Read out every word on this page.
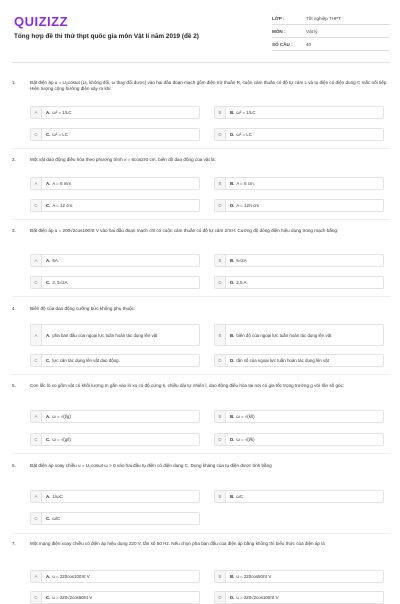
QUIZIZZ
Tổng hợp đề thi thử thpt quốc gia môn Vật lí năm 2019 (đề 2)
LỚP :	Tốt nghiệp THPT
MÔN :	Vật lý
SỐ CÂU :	40
1.	Đặt điện áp u = U₀cosωt (U₀ không đổi, ω thay đổi được) vào hai đầu đoạn mạch gồm điện trở thuần R, cuộn cảm thuần có độ tự cảm L và tụ điện có điện dung C mắc nối tiếp. Hiện tượng cộng hưởng điện xảy ra khi:
A	A. ω² = 1/LC	B	B. ω² = 1/LC
C	C. ω² = LC	D	D. ω² = LC
2.	Một vật dao động điều hòa theo phương trình x = 6cos2πt cm, biên độ dao động của vật là:
A	A. A = 6 mm	B	B. A = 6 cm.
C	C. A = 12 cm.	D	D. A = 12π cm
3.	Đặt điện áp u = 200√2cos100πt V vào hai đầu đoạn mạch chỉ có cuộn cảm thuần có độ tự cảm 2/πH. Cường độ dòng điện hiệu dụng trong mạch bằng:
A	A. 5A.	B	B. 5√2A
C	C. 2, 5√2A	D	D. 2,5 A.
4.	Biên độ của dao động cưỡng bức không phụ thuộc:
A	A. pha ban đầu của ngoại lực tuần hoàn tác dụng lên vật	B	B. biên độ của ngoại lực tuần hoàn tác dụng lên vật
C	C. lực cản tác dụng lên vật dao động.	D	D. tần số của ngoại lực tuần hoàn tác dụng lên vật
5.	Con lắc lò xo gồm vật có khối lượng m gắn vào lò xo có độ cứng k, chiều dài tự nhiên l, dao động điều hòa tại nơi có gia tốc trọng trường g với tần số góc:
A	A. ω = √(l/g)	B	B. ω = √(k/l)
C	C. ω = √(g/l)	D	D. ω = √(l/k)
6.	Đặt điện áp xoay chiều u = U₀cosωt ω > 0 vào hai đầu tụ điện có điện dung C. Dung kháng của tụ điện được tính bằng
A	A. 1/ωC	B	B. ωC
C	C. ω/C
7.	Một mạng điện xoay chiều có điện áp hiệu dụng 220 V, tần số 50 Hz. Nếu chọn pha ban đầu của điện áp bằng không thì biểu thức của điện áp là
A	A. u = 220cos100πt V	B	B. u = 220cos50πt V
C	C. u = 220√2cos50πt V	D	D. u = 220√2cos100πt V
